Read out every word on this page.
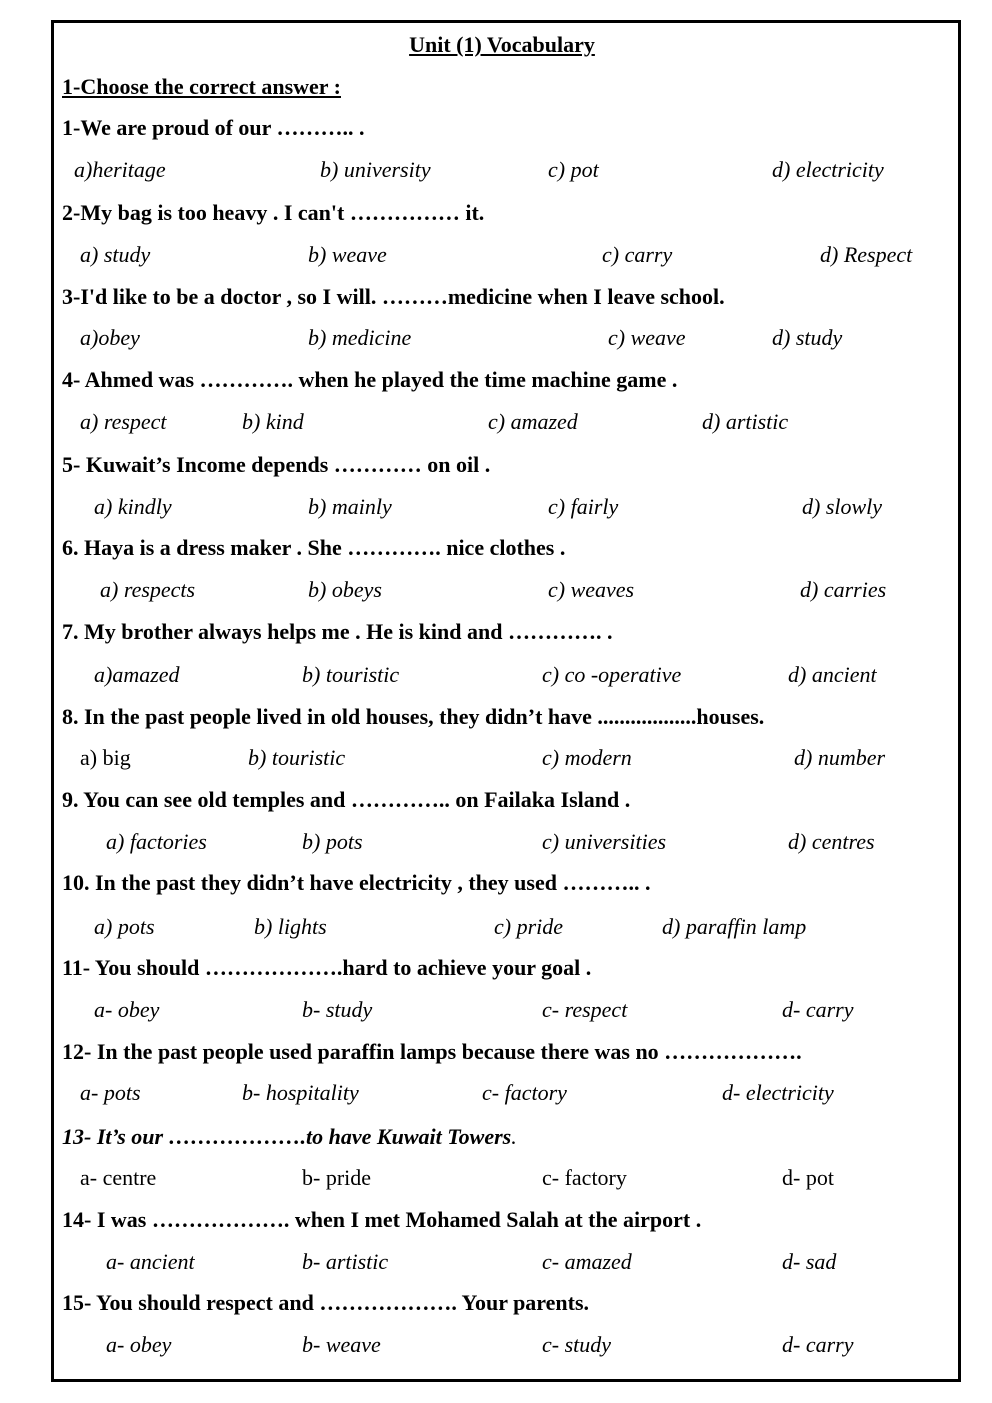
Unit (1) Vocabulary
1-Choose the correct answer :
1-We are proud of our ……….. .
a)heritage	b) university	c) pot	d) electricity
2-My bag is too heavy . I can't …………… it.
a) study	b) weave	c) carry	d) Respect
3-I'd like to be a doctor , so I will. ………medicine when I leave school.
a)obey	b) medicine	c) weave	d) study
4- Ahmed was …………. when he played the time machine game .
a) respect	b) kind	c) amazed	d) artistic
5- Kuwait’s Income depends ………… on oil .
a) kindly	b) mainly	c) fairly	d) slowly
6. Haya is a dress maker . She …………. nice clothes .
a) respects	b) obeys	c) weaves	d) carries
7. My brother always helps me . He is kind and …………. .
a)amazed	b) touristic	c) co -operative	d) ancient
8. In the past people lived in old houses, they didn’t have ..................houses.
a) big	b) touristic	c) modern	d) number
9. You can see old temples and ………….. on Failaka Island .
a) factories	b) pots	c) universities	d) centres
10. In the past they didn’t have electricity , they used ……….. .
a) pots	b) lights	c) pride	d) paraffin lamp
11- You should ……………….hard to achieve your goal .
a- obey	b- study	c- respect	d- carry
12- In the past people used paraffin lamps because there was no ……………….
a- pots	b- hospitality	c- factory	d- electricity
13- It’s our ……………….to have Kuwait Towers.
a- centre	b- pride	c- factory	d- pot
14- I was ………………. when I met Mohamed Salah at the airport .
a- ancient	b- artistic	c- amazed	d- sad
15- You should respect and ………………. Your parents.
a- obey	b- weave	c- study	d- carry
